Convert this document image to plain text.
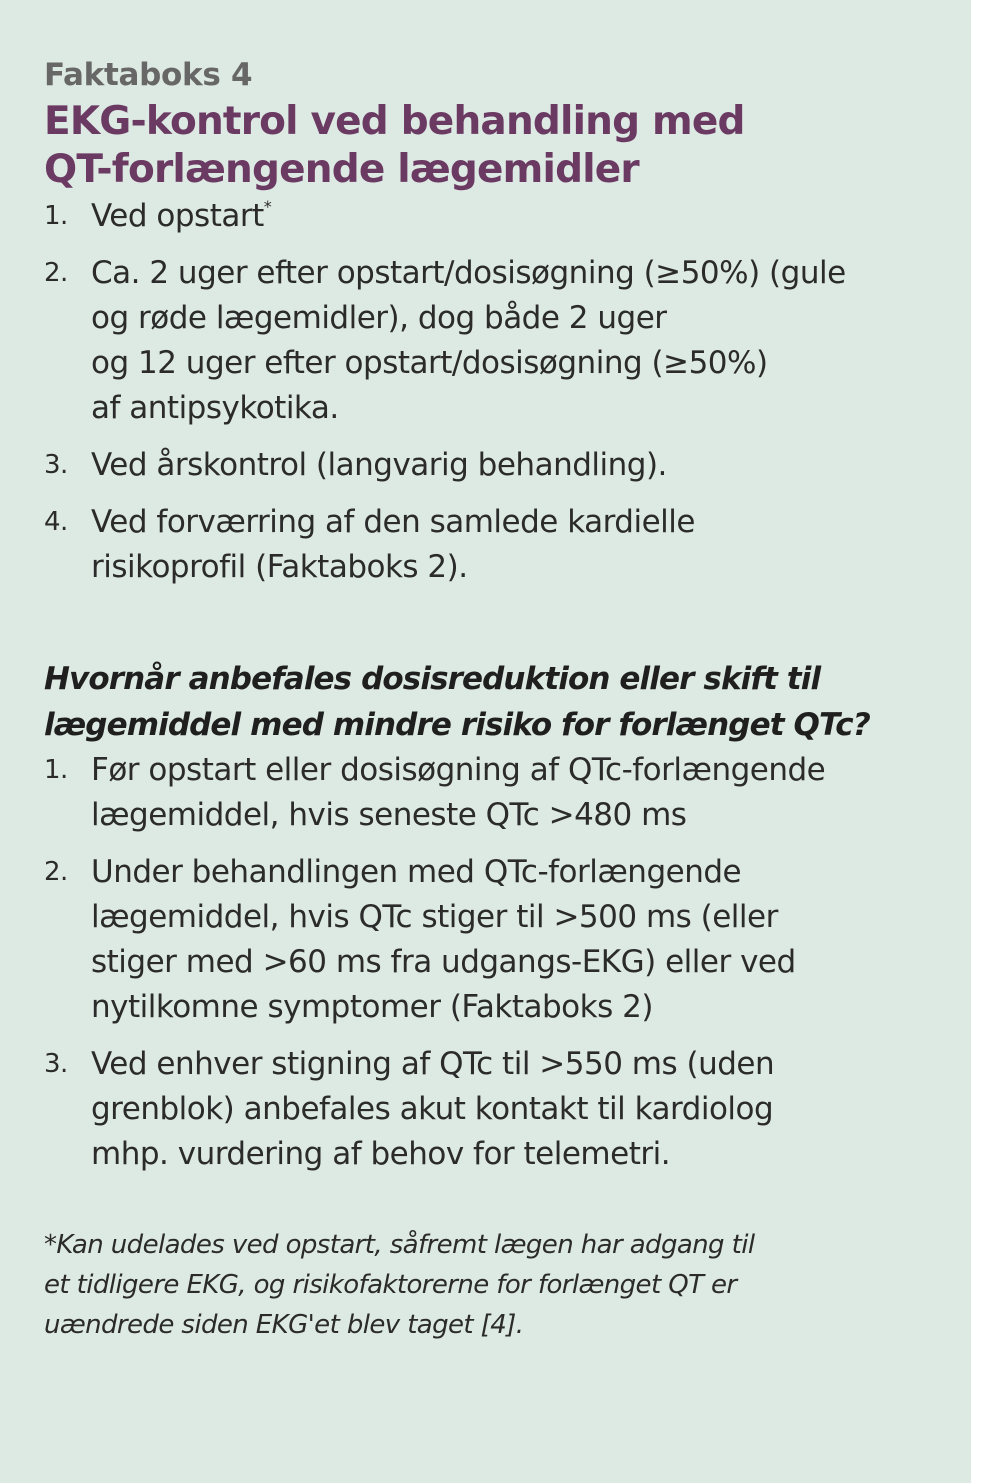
Faktaboks 4

EKG-kontrol ved behandling med
QT-forlængende lægemidler
1. Ved opstart*
2. Ca. 2 uger efter opstart/dosisøgning (≥50%) (gule
og røde lægemidler), dog både 2 uger
og 12 uger efter opstart/dosisøgning (≥50%)
af antipsykotika.
3. Ved årskontrol (langvarig behandling).
4. Ved forværring af den samlede kardielle
risikoprofil (Faktaboks 2).
Hvornår anbefales dosisreduktion eller skift til
lægemiddel med mindre risiko for forlænget QTc?
1. Før opstart eller dosisøgning af QTc-forlængende
lægemiddel, hvis seneste QTc >480 ms
2. Under behandlingen med QTc-forlængende
lægemiddel, hvis QTc stiger til >500 ms (eller
stiger med >60 ms fra udgangs-EKG) eller ved
nytilkomne symptomer (Faktaboks 2)
3. Ved enhver stigning af QTc til >550 ms (uden
grenblok) anbefales akut kontakt til kardiolog
mhp. vurdering af behov for telemetri.
*Kan udelades ved opstart, såfremt lægen har adgang til
et tidligere EKG, og risikofaktorerne for forlænget QT er
uændrede siden EKG'et blev taget [4].
